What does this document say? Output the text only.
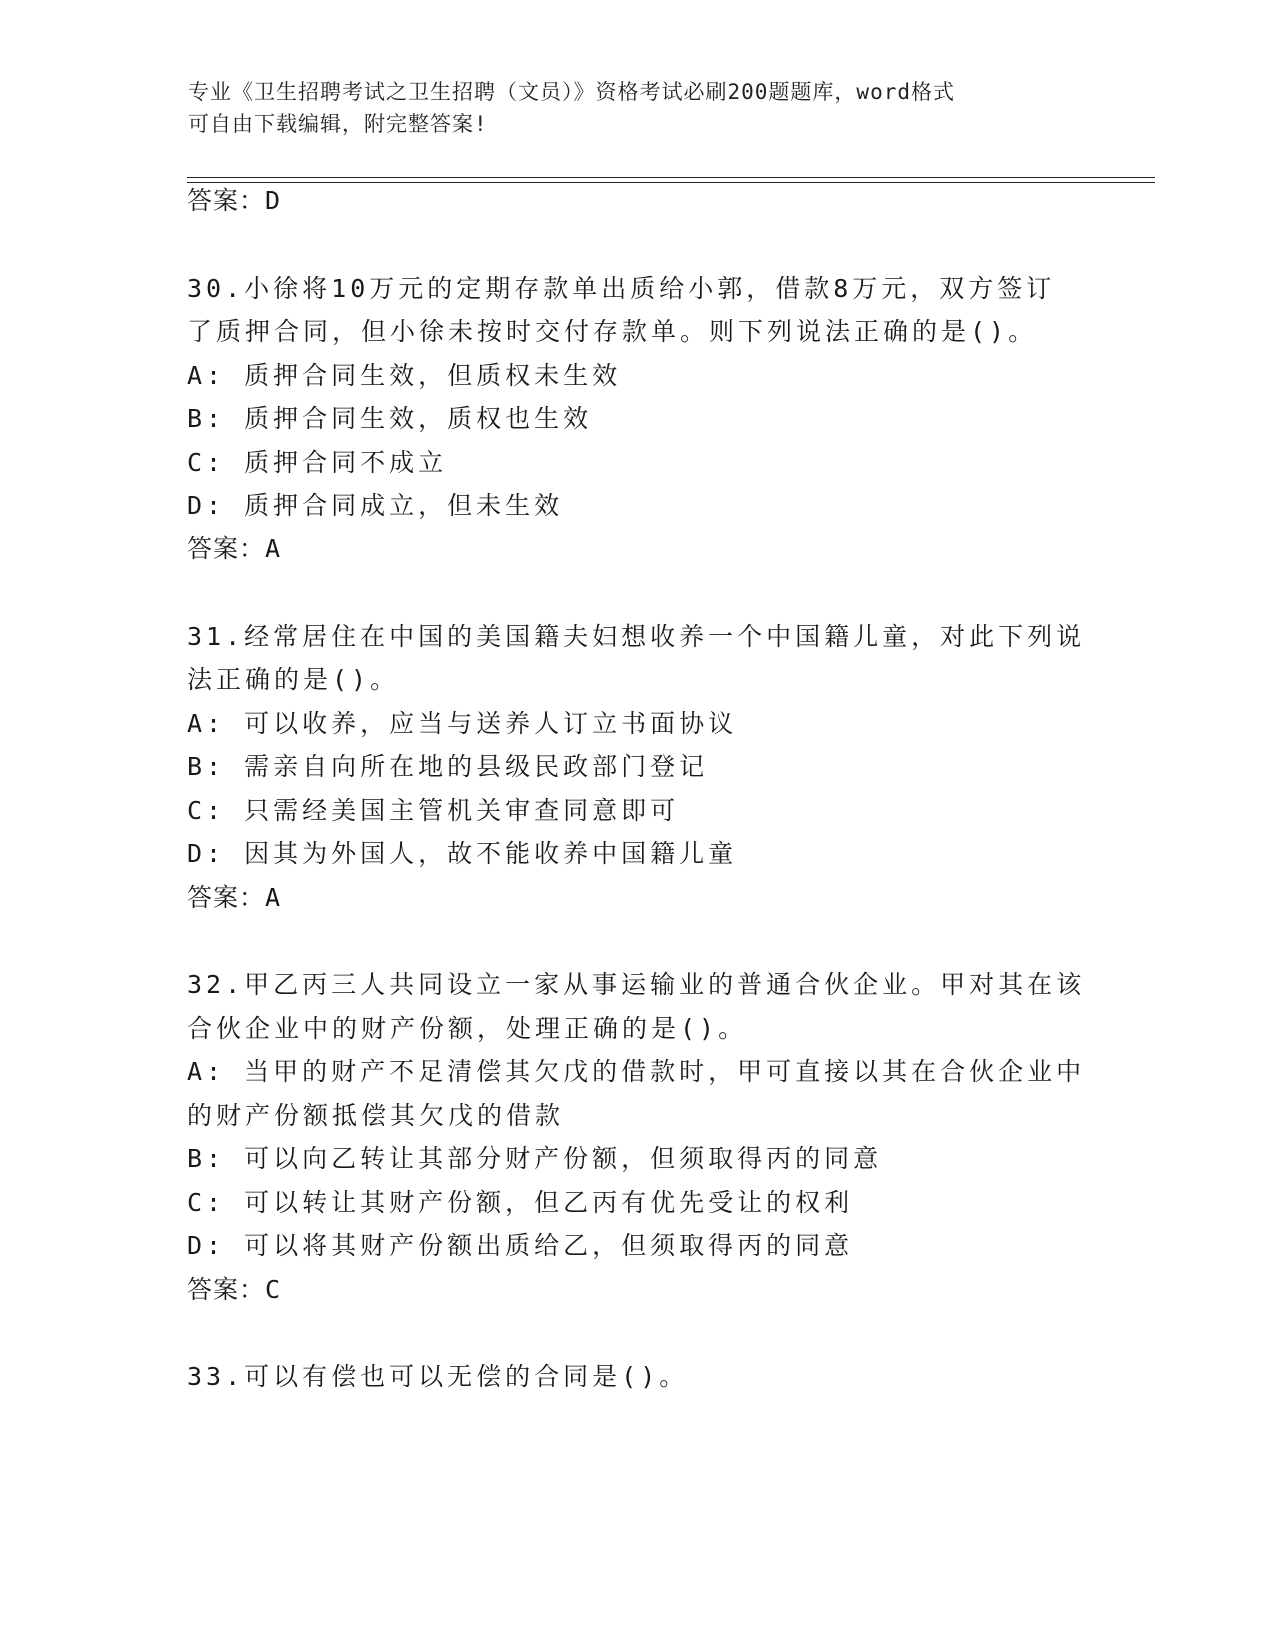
专业《卫生招聘考试之卫生招聘（文员）》资格考试必刷200题题库，word格式
可自由下载编辑，附完整答案!
答案：D
30.小徐将10万元的定期存款单出质给小郭，借款8万元，双方签订
了质押合同，但小徐未按时交付存款单。则下列说法正确的是()。
A: 质押合同生效，但质权未生效
B: 质押合同生效，质权也生效
C: 质押合同不成立
D: 质押合同成立，但未生效
答案：A
31.经常居住在中国的美国籍夫妇想收养一个中国籍儿童，对此下列说
法正确的是()。
A: 可以收养，应当与送养人订立书面协议
B: 需亲自向所在地的县级民政部门登记
C: 只需经美国主管机关审查同意即可
D: 因其为外国人，故不能收养中国籍儿童
答案：A
32.甲乙丙三人共同设立一家从事运输业的普通合伙企业。甲对其在该
合伙企业中的财产份额，处理正确的是()。
A: 当甲的财产不足清偿其欠戊的借款时，甲可直接以其在合伙企业中
的财产份额抵偿其欠戊的借款
B: 可以向乙转让其部分财产份额，但须取得丙的同意
C: 可以转让其财产份额，但乙丙有优先受让的权利
D: 可以将其财产份额出质给乙，但须取得丙的同意
答案：C
33.可以有偿也可以无偿的合同是()。
